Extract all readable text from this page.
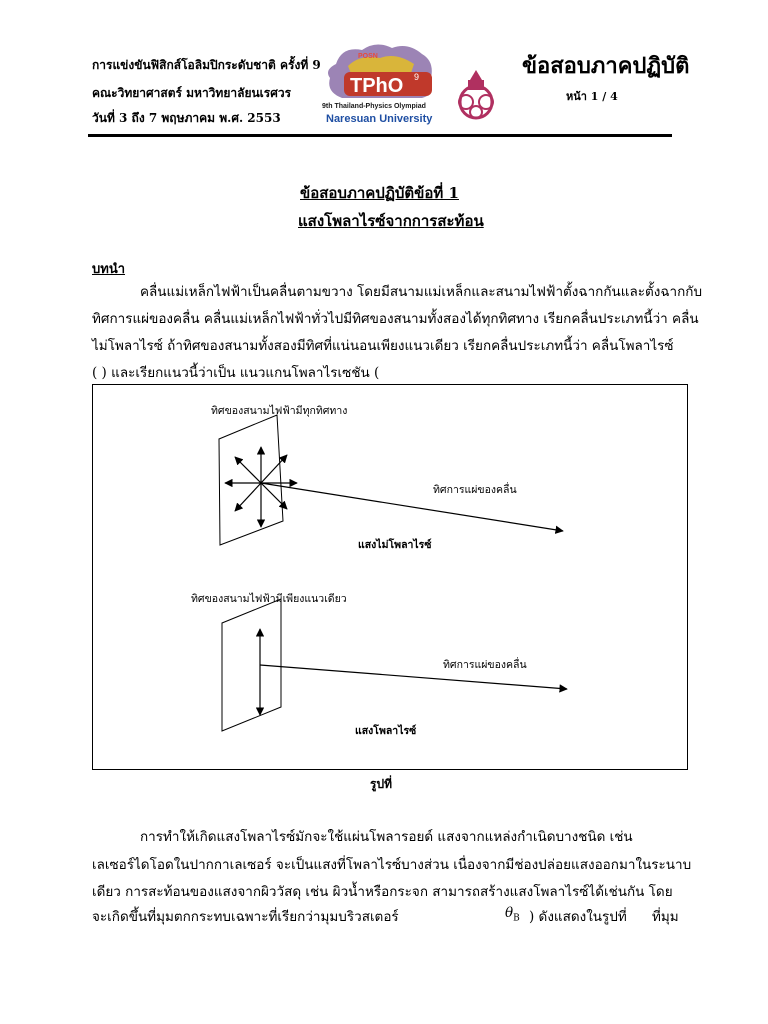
การแข่งขันฟิสิกส์โอลิมปิกระดับชาติ ครั้งที่ 9
คณะวิทยาศาสตร์ มหาวิทยาลัยนเรศวร
วันที่ 3 ถึง 7 พฤษภาคม พ.ศ. 2553
POSN
TPhO 9
9th Thailand-Physics Olympiad
Naresuan University
ข้อสอบภาคปฏิบัติ
หน้า 1 / 4
ข้อสอบภาคปฏิบัติข้อที่ 1
แสงโพลาไรซ์จากการสะท้อน
บทนำ
คลื่นแม่เหล็กไฟฟ้าเป็นคลื่นตามขวาง โดยมีสนามแม่เหล็กและสนามไฟฟ้าตั้งฉากกันและตั้งฉากกับ
ทิศการแผ่ของคลื่น คลื่นแม่เหล็กไฟฟ้าทั่วไปมีทิศของสนามทั้งสองได้ทุกทิศทาง เรียกคลื่นประเภทนี้ว่า คลื่น
ไม่โพลาไรซ์ ถ้าทิศของสนามทั้งสองมีทิศที่แน่นอนเพียงแนวเดียว เรียกคลื่นประเภทนี้ว่า คลื่นโพลาไรซ์
( ) และเรียกแนวนี้ว่าเป็น แนวแกนโพลาไรเซชัน (
ทิศของสนามไฟฟ้ามีทุกทิศทาง
ทิศการแผ่ของคลื่น
แสงไม่โพลาไรซ์
ทิศของสนามไฟฟ้ามีเพียงแนวเดียว
ทิศการแผ่ของคลื่น
แสงโพลาไรซ์
รูปที่
การทำให้เกิดแสงโพลาไรซ์มักจะใช้แผ่นโพลารอยด์ แสงจากแหล่งกำเนิดบางชนิด เช่น
เลเซอร์ไดโอดในปากกาเลเซอร์ จะเป็นแสงที่โพลาไรซ์บางส่วน เนื่องจากมีช่องปล่อยแสงออกมาในระนาบ
เดียว การสะท้อนของแสงจากผิววัสดุ เช่น ผิวน้ำหรือกระจก สามารถสร้างแสงโพลาไรซ์ได้เช่นกัน โดย
จะเกิดขึ้นที่มุมตกกระทบเฉพาะที่เรียกว่ามุมบริวสเตอร์	$\theta_B$ ) ดังแสดงในรูปที่ ที่มุม
